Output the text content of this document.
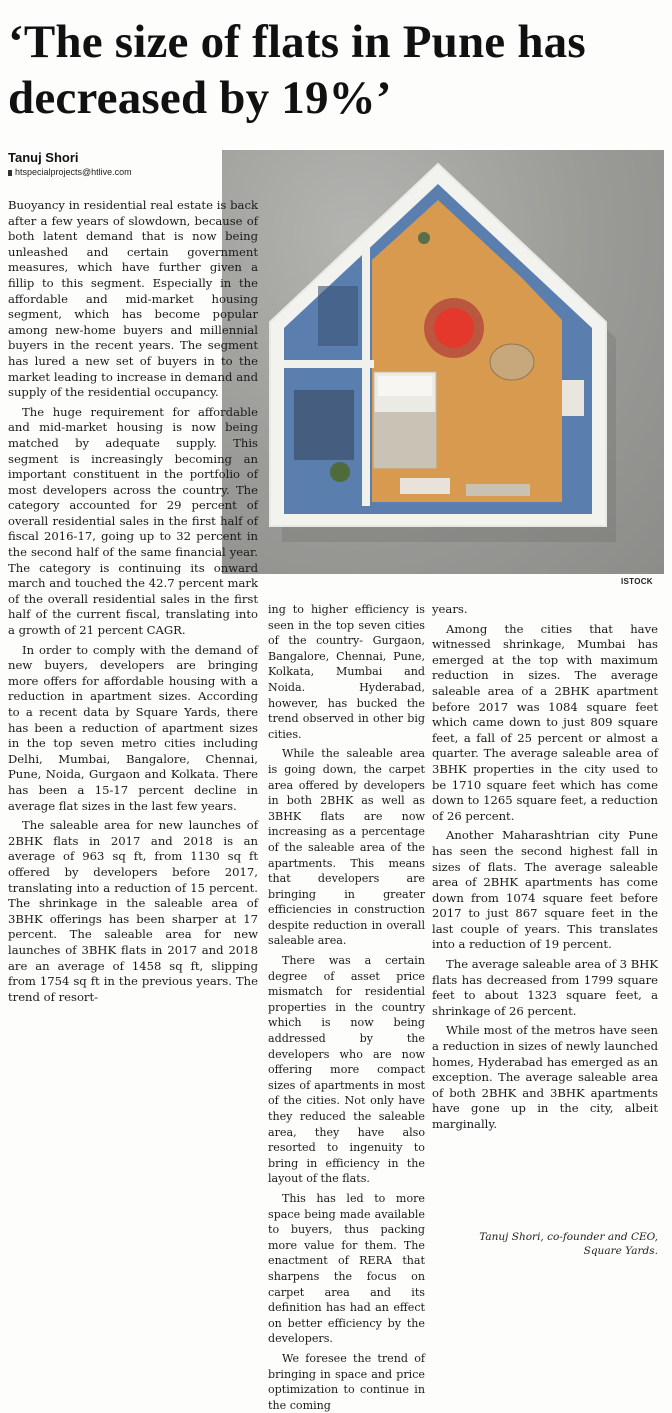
‘The size of flats in Pune has decreased by 19%’
Tanuj Shori
htspecialprojects@htlive.com
ISTOCK

Buoyancy in residential real estate is back after a few years of slowdown, because of both latent demand that is now being unleashed and certain government measures, which have further given a fillip to this segment. Especially in the affordable and mid-market housing segment, which has become popular among new-home buyers and millennial buyers in the recent years. The segment has lured a new set of buyers in to the market leading to increase in demand and supply of the residential occupancy.

The huge requirement for affordable and mid-market housing is now being matched by adequate supply. This segment is increasingly becoming an important constituent in the portfolio of most developers across the country. The category accounted for 29 percent of overall residential sales in the first half of fiscal 2016-17, going up to 32 percent in the second half of the same financial year. The category is continuing its onward march and touched the 42.7 percent mark of the overall residential sales in the first half of the current fiscal, translating into a growth of 21 percent CAGR.

In order to comply with the demand of new buyers, developers are bringing more offers for affordable housing with a reduction in apartment sizes. According to a recent data by Square Yards, there has been a reduction of apartment sizes in the top seven metro cities including Delhi, Mumbai, Bangalore, Chennai, Pune, Noida, Gurgaon and Kolkata. There has been a 15-17 percent decline in average flat sizes in the last few years.

The saleable area for new launches of 2BHK flats in 2017 and 2018 is an average of 963 sq ft, from 1130 sq ft offered by developers before 2017, translating into a reduction of 15 percent. The shrinkage in the saleable area of 3BHK offerings has been sharper at 17 percent. The saleable area for new launches of 3BHK flats in 2017 and 2018 are an average of 1458 sq ft, slipping from 1754 sq ft in the previous years. The trend of resort-

ing to higher efficiency is seen in the top seven cities of the country- Gurgaon, Bangalore, Chennai, Pune, Kolkata, Mumbai and Noida. Hyderabad, however, has bucked the trend observed in other big cities.

While the saleable area is going down, the carpet area offered by developers in both 2BHK as well as 3BHK flats are now increasing as a percentage of the saleable area of the apartments. This means that developers are bringing in greater efficiencies in construction despite reduction in overall saleable area.

There was a certain degree of asset price mismatch for residential properties in the country which is now being addressed by the developers who are now offering more compact sizes of apartments in most of the cities. Not only have they reduced the saleable area, they have also resorted to ingenuity to bring in efficiency in the layout of the flats.

This has led to more space being made available to buyers, thus packing more value for them. The enactment of RERA that sharpens the focus on carpet area and its definition has had an effect on better efficiency by the developers.

We foresee the trend of bringing in space and price optimization to continue in the coming

years.

Among the cities that have witnessed shrinkage, Mumbai has emerged at the top with maximum reduction in sizes. The average saleable area of a 2BHK apartment before 2017 was 1084 square feet which came down to just 809 square feet, a fall of 25 percent or almost a quarter. The average saleable area of 3BHK properties in the city used to be 1710 square feet which has come down to 1265 square feet, a reduction of 26 percent.

Another Maharashtrian city Pune has seen the second highest fall in sizes of flats. The average saleable area of 2BHK apartments has come down from 1074 square feet before 2017 to just 867 square feet in the last couple of years. This translates into a reduction of 19 percent.

The average saleable area of 3 BHK flats has decreased from 1799 square feet to about 1323 square feet, a shrinkage of 26 percent.

While most of the metros have seen a reduction in sizes of newly launched homes, Hyderabad has emerged as an exception. The average saleable area of both 2BHK and 3BHK apartments have gone up in the city, albeit marginally.

Tanuj Shori, co-founder and CEO,
Square Yards.
